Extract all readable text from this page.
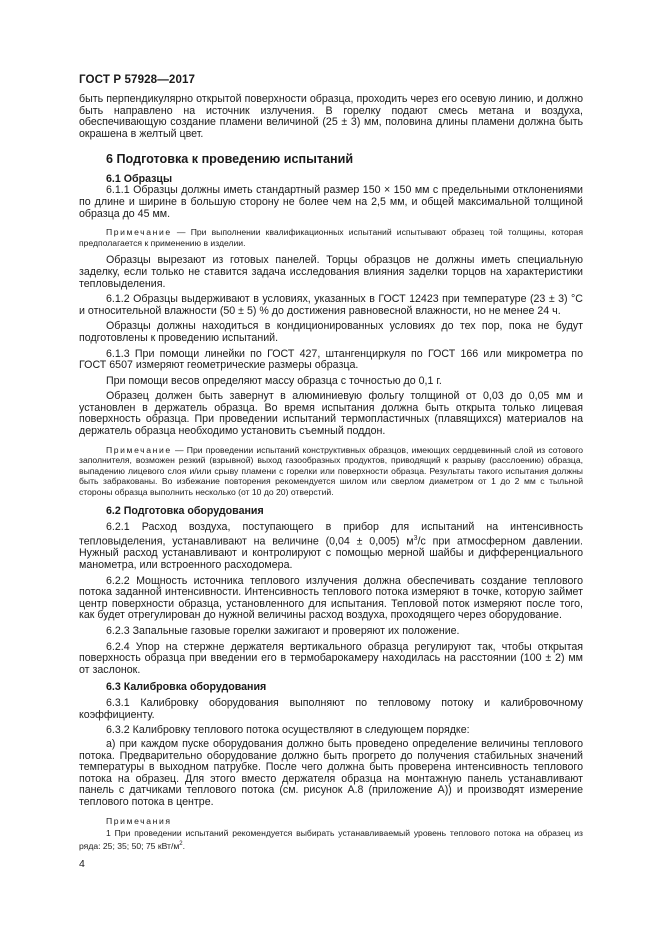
ГОСТ Р 57928—2017

быть перпендикулярно открытой поверхности образца, проходить через его осевую линию, и должно быть направлено на источник излучения. В горелку подают смесь метана и воздуха, обеспечивающую создание пламени величиной (25 ± 3) мм, половина длины пламени должна быть окрашена в желтый цвет.

6 Подготовка к проведению испытаний
6.1 Образцы

6.1.1 Образцы должны иметь стандартный размер 150 × 150 мм с предельными отклонениями по длине и ширине в большую сторону не более чем на 2,5 мм, и общей максимальной толщиной образца до 45 мм.

Примечание — При выполнении квалификационных испытаний испытывают образец той толщины, которая предполагается к применению в изделии.

Образцы вырезают из готовых панелей. Торцы образцов не должны иметь специальную заделку, если только не ставится задача исследования влияния заделки торцов на характеристики тепловыделения.

6.1.2 Образцы выдерживают в условиях, указанных в ГОСТ 12423 при температуре (23 ± 3) °С и относительной влажности (50 ± 5) % до достижения равновесной влажности, но не менее 24 ч.

Образцы должны находиться в кондиционированных условиях до тех пор, пока не будут подготовлены к проведению испытаний.

6.1.3 При помощи линейки по ГОСТ 427, штангенциркуля по ГОСТ 166 или микрометра по ГОСТ 6507 измеряют геометрические размеры образца.

При помощи весов определяют массу образца с точностью до 0,1 г.

Образец должен быть завернут в алюминиевую фольгу толщиной от 0,03 до 0,05 мм и установлен в держатель образца. Во время испытания должна быть открыта только лицевая поверхность образца. При проведении испытаний термопластичных (плавящихся) материалов на держатель образца необходимо установить съемный поддон.

Примечание — При проведении испытаний конструктивных образцов, имеющих сердцевинный слой из сотового заполнителя, возможен резкий (взрывной) выход газообразных продуктов, приводящий к разрыву (расслоению) образца, выпадению лицевого слоя и/или срыву пламени с горелки или поверхности образца. Результаты такого испытания должны быть забракованы. Во избежание повторения рекомендуется шилом или сверлом диаметром от 1 до 2 мм с тыльной стороны образца выполнить несколько (от 10 до 20) отверстий.

6.2 Подготовка оборудования

6.2.1 Расход воздуха, поступающего в прибор для испытаний на интенсивность тепловыделения, устанавливают на величине (0,04 ± 0,005) $м^3/с$ при атмосферном давлении. Нужный расход устанавливают и контролируют с помощью мерной шайбы и дифференциального манометра, или встроенного расходомера.

6.2.2 Мощность источника теплового излучения должна обеспечивать создание теплового потока заданной интенсивности. Интенсивность теплового потока измеряют в точке, которую займет центр поверхности образца, установленного для испытания. Тепловой поток измеряют после того, как будет отрегулирован до нужной величины расход воздуха, проходящего через оборудование.

6.2.3 Запальные газовые горелки зажигают и проверяют их положение.

6.2.4 Упор на стержне держателя вертикального образца регулируют так, чтобы открытая поверхность образца при введении его в термобарокамеру находилась на расстоянии (100 ± 2) мм от заслонок.

6.3 Калибровка оборудования

6.3.1 Калибровку оборудования выполняют по тепловому потоку и калибровочному коэффициенту.

6.3.2 Калибровку теплового потока осуществляют в следующем порядке:

а) при каждом пуске оборудования должно быть проведено определение величины теплового потока. Предварительно оборудование должно быть прогрето до получения стабильных значений температуры в выходном патрубке. После чего должна быть проверена интенсивность теплового потока на образец. Для этого вместо держателя образца на монтажную панель устанавливают панель с датчиками теплового потока (см. рисунок А.8 (приложение А)) и производят измерение теплового потока в центре.

Примечания

1 При проведении испытаний рекомендуется выбирать устанавливаемый уровень теплового потока на образец из ряда: 25; 35; 50; 75 кВт/$м^2$.

4
